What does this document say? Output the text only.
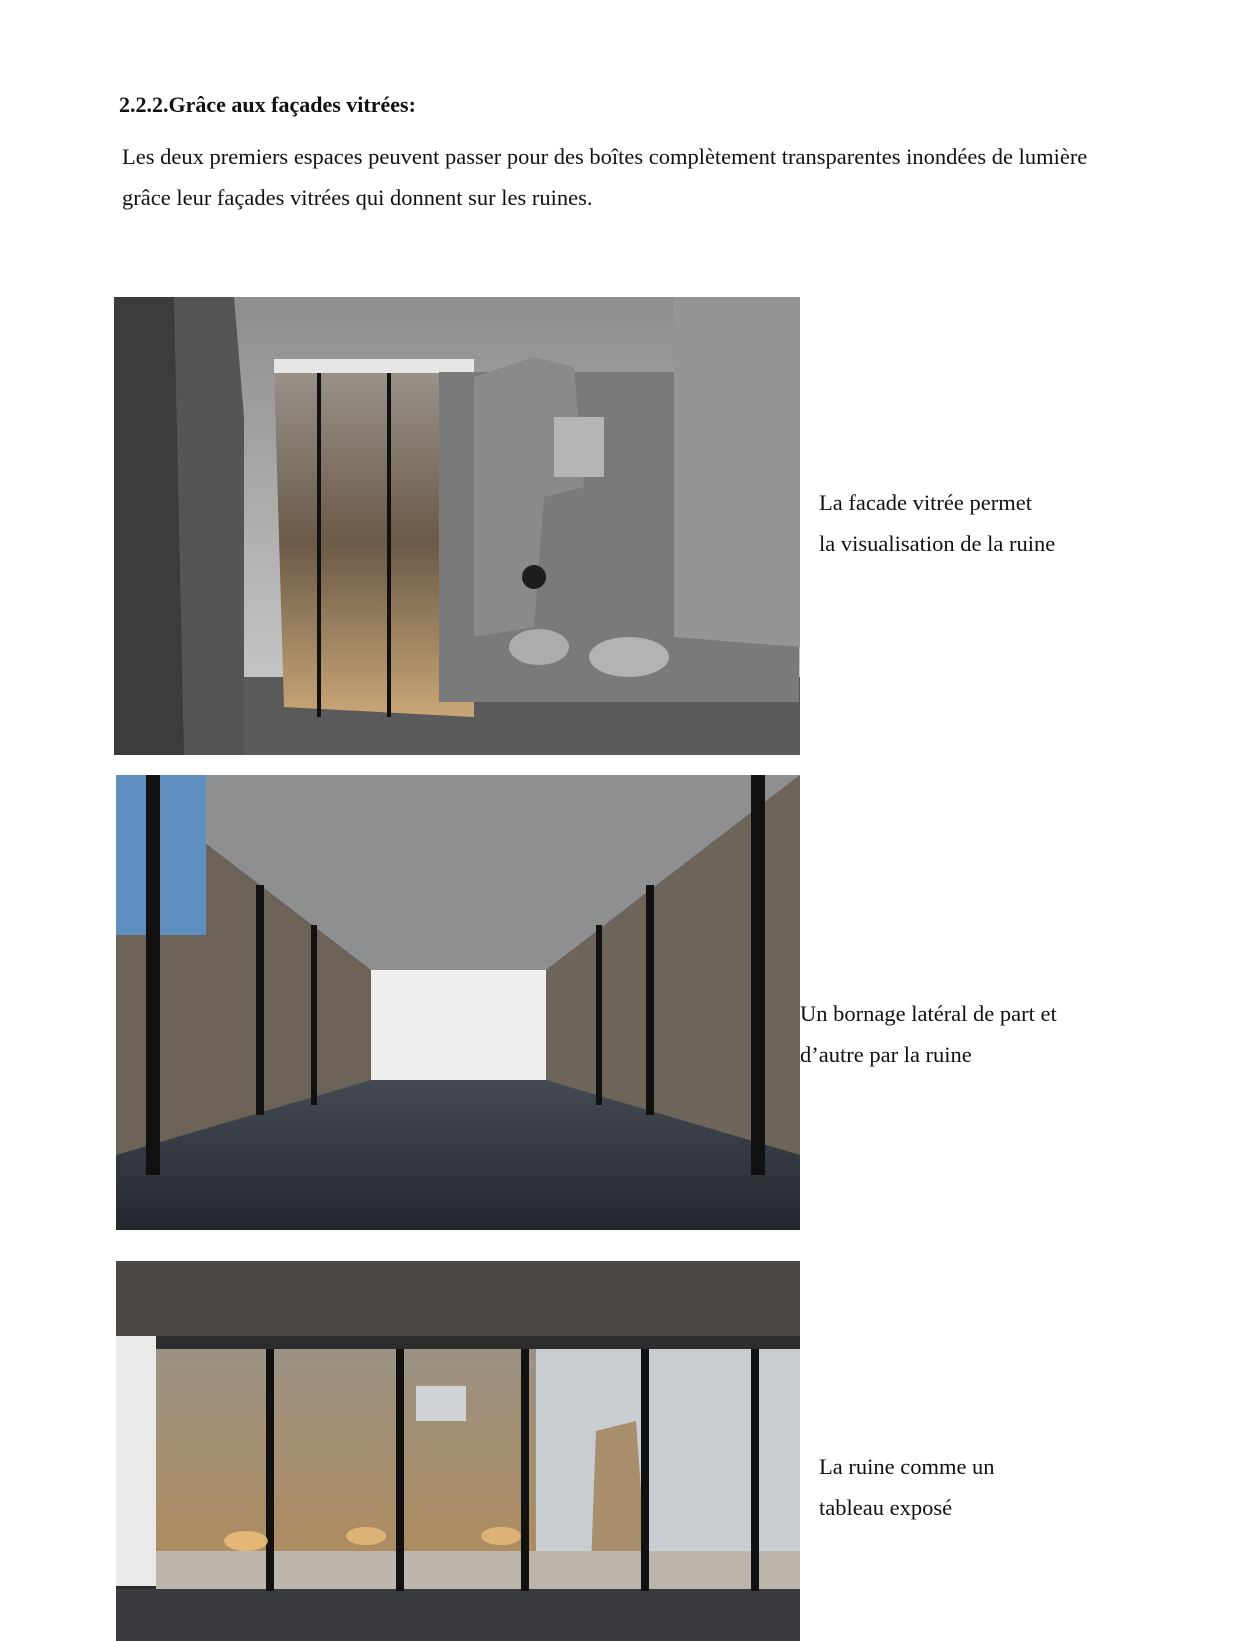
2.2.2.Grâce aux façades vitrées:

Les deux premiers espaces peuvent passer pour des boîtes complètement transparentes inondées de lumière grâce leur façades vitrées qui donnent sur les ruines.

La facade vitrée permet
la visualisation de la ruine
Un bornage latéral de part et
d’autre par la ruine
La ruine comme un
tableau exposé
